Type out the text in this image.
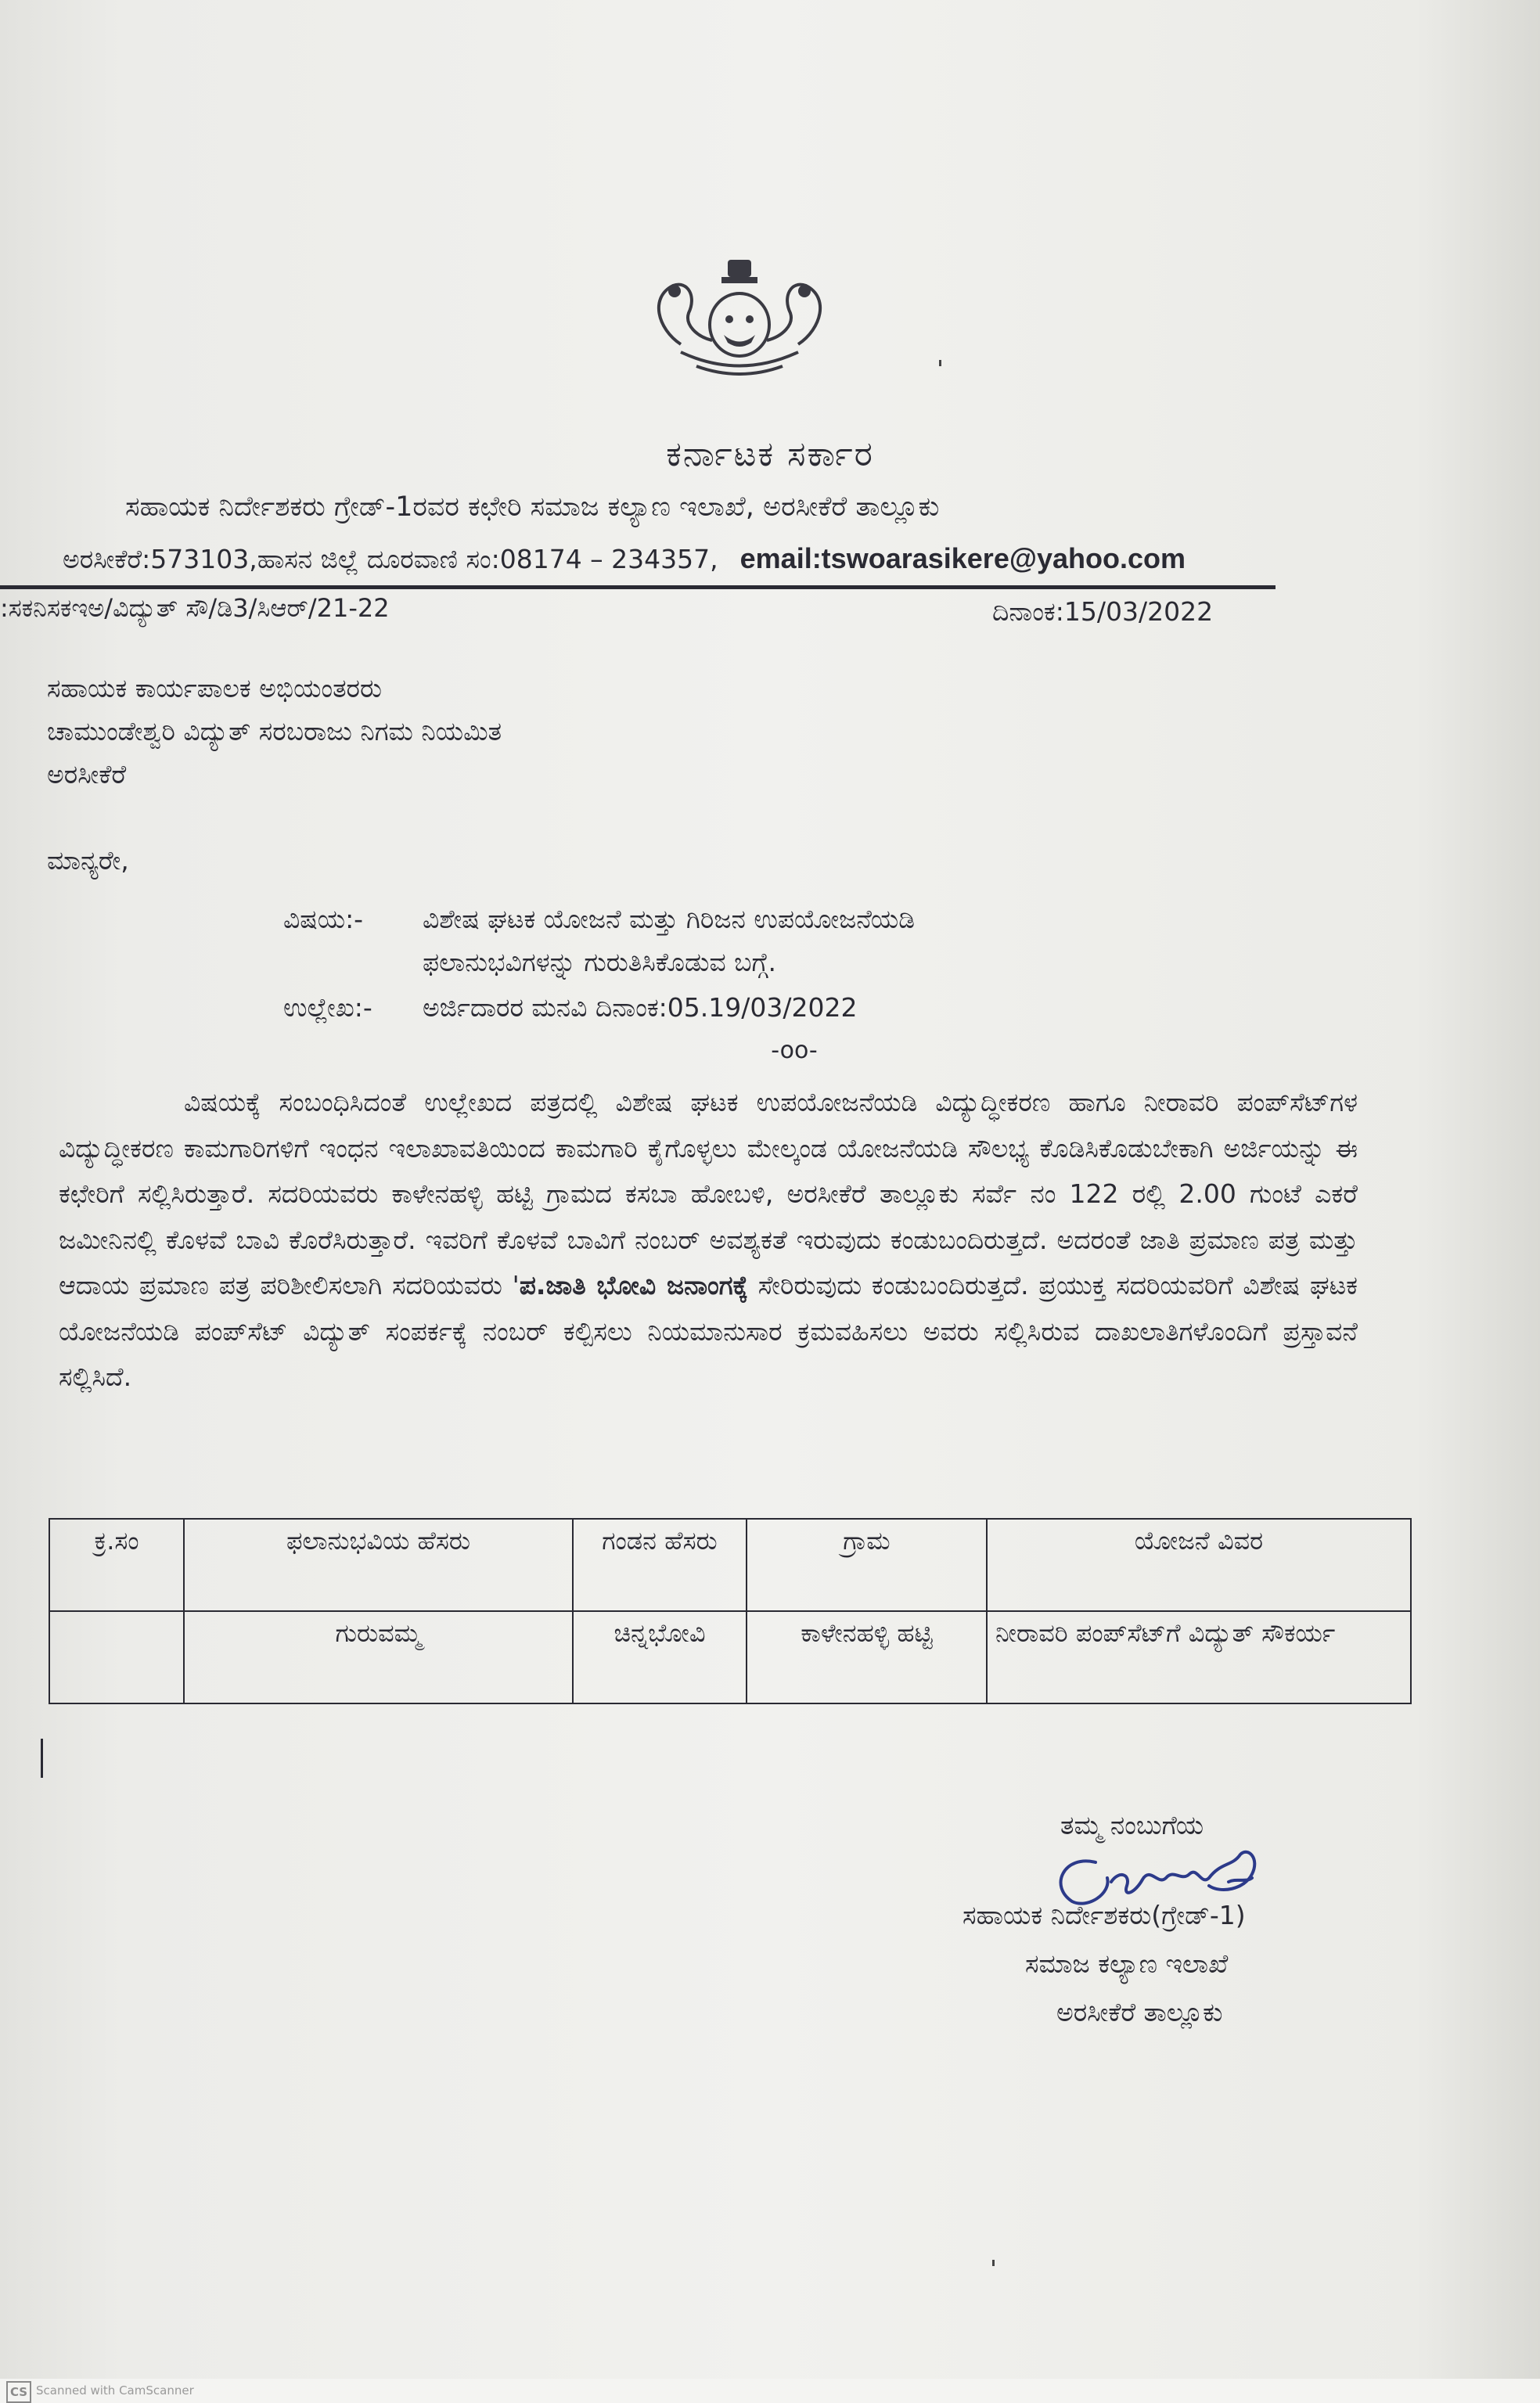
ಕರ್ನಾಟಕ ಸರ್ಕಾರ
ಸಹಾಯಕ ನಿರ್ದೇಶಕರು ಗ್ರೇಡ್-1ರವರ ಕಛೇರಿ ಸಮಾಜ ಕಲ್ಯಾಣ ಇಲಾಖೆ, ಅರಸೀಕೆರೆ ತಾಲ್ಲೂಕು
ಅರಸೀಕೆರೆ:573103,ಹಾಸನ ಜಿಲ್ಲೆ ದೂರವಾಣಿ ಸಂ:08174 – 234357, email:tswoarasikere@yahoo.com
:ಸಕನಿಸಕಇಅ/ವಿದ್ಯುತ್ ಸೌ/ಡಿ3/ಸಿಆರ್/21-22	ದಿನಾಂಕ:15/03/2022
ಸಹಾಯಕ ಕಾರ್ಯಪಾಲಕ ಅಭಿಯಂತರರು
ಚಾಮುಂಡೇಶ್ವರಿ ವಿದ್ಯುತ್ ಸರಬರಾಜು ನಿಗಮ ನಿಯಮಿತ
ಅರಸೀಕೆರೆ
ಮಾನ್ಯರೇ,
ವಿಷಯ:- ವಿಶೇಷ ಘಟಕ ಯೋಜನೆ ಮತ್ತು ಗಿರಿಜನ ಉಪಯೋಜನೆಯಡಿ
ಫಲಾನುಭವಿಗಳನ್ನು ಗುರುತಿಸಿಕೊಡುವ ಬಗ್ಗೆ.
ಉಲ್ಲೇಖ:- ಅರ್ಜಿದಾರರ ಮನವಿ ದಿನಾಂಕ:05.19/03/2022
-oo-
ವಿಷಯಕ್ಕೆ ಸಂಬಂಧಿಸಿದಂತೆ ಉಲ್ಲೇಖದ ಪತ್ರದಲ್ಲಿ ವಿಶೇಷ ಘಟಕ ಉಪಯೋಜನೆಯಡಿ ವಿದ್ಯುದ್ಧೀಕರಣ ಹಾಗೂ ನೀರಾವರಿ ಪಂಪ್‌ಸೆಟ್‌ಗಳ ವಿದ್ಯುದ್ಧೀಕರಣ ಕಾಮಗಾರಿಗಳಿಗೆ ಇಂಧನ ಇಲಾಖಾವತಿಯಿಂದ ಕಾಮಗಾರಿ ಕೈಗೊಳ್ಳಲು ಮೇಲ್ಕಂಡ ಯೋಜನೆಯಡಿ ಸೌಲಭ್ಯ ಕೊಡಿಸಿಕೊಡುಬೇಕಾಗಿ ಅರ್ಜಿಯನ್ನು ಈ ಕಛೇರಿಗೆ ಸಲ್ಲಿಸಿರುತ್ತಾರೆ. ಸದರಿಯವರು ಕಾಳೇನಹಳ್ಳಿ ಹಟ್ಟಿ ಗ್ರಾಮದ ಕಸಬಾ ಹೋಬಳಿ, ಅರಸೀಕೆರೆ ತಾಲ್ಲೂಕು ಸರ್ವೆ ನಂ 122 ರಲ್ಲಿ 2.00 ಗುಂಟೆ ಎಕರೆ ಜಮೀನಿನಲ್ಲಿ ಕೊಳವೆ ಬಾವಿ ಕೊರೆಸಿರುತ್ತಾರೆ. ಇವರಿಗೆ ಕೊಳವೆ ಬಾವಿಗೆ ನಂಬರ್ ಅವಶ್ಯಕತೆ ಇರುವುದು ಕಂಡುಬಂದಿರುತ್ತದೆ. ಅದರಂತೆ ಜಾತಿ ಪ್ರಮಾಣ ಪತ್ರ ಮತ್ತು ಆದಾಯ ಪ್ರಮಾಣ ಪತ್ರ ಪರಿಶೀಲಿಸಲಾಗಿ ಸದರಿಯವರು 'ಪ.ಜಾತಿ ಭೋವಿ ಜನಾಂಗಕ್ಕೆ ಸೇರಿರುವುದು ಕಂಡುಬಂದಿರುತ್ತದೆ. ಪ್ರಯುಕ್ತ ಸದರಿಯವರಿಗೆ ವಿಶೇಷ ಘಟಕ ಯೋಜನೆಯಡಿ ಪಂಪ್‌ಸೆಟ್ ವಿದ್ಯುತ್ ಸಂಪರ್ಕಕ್ಕೆ ನಂಬರ್ ಕಲ್ಪಿಸಲು ನಿಯಮಾನುಸಾರ ಕ್ರಮವಹಿಸಲು ಅವರು ಸಲ್ಲಿಸಿರುವ ದಾಖಲಾತಿಗಳೊಂದಿಗೆ ಪ್ರಸ್ತಾವನೆ ಸಲ್ಲಿಸಿದೆ.
ಕ್ರ.ಸಂ	ಫಲಾನುಭವಿಯ ಹೆಸರು	ಗಂಡನ ಹೆಸರು	ಗ್ರಾಮ	ಯೋಜನೆ ವಿವರ
	ಗುರುವಮ್ಮ	ಚಿನ್ನಭೋವಿ	ಕಾಳೇನಹಳ್ಳಿ ಹಟ್ಟಿ	ನೀರಾವರಿ ಪಂಪ್‌ಸೆಟ್‌ಗೆ ವಿದ್ಯುತ್ ಸೌಕರ್ಯ
ತಮ್ಮ ನಂಬುಗೆಯ
ಸಹಾಯಕ ನಿರ್ದೇಶಕರು(ಗ್ರೇಡ್-1)
ಸಮಾಜ ಕಲ್ಯಾಣ ಇಲಾಖೆ
ಅರಸೀಕೆರೆ ತಾಲ್ಲೂಕು
CS Scanned with CamScanner
